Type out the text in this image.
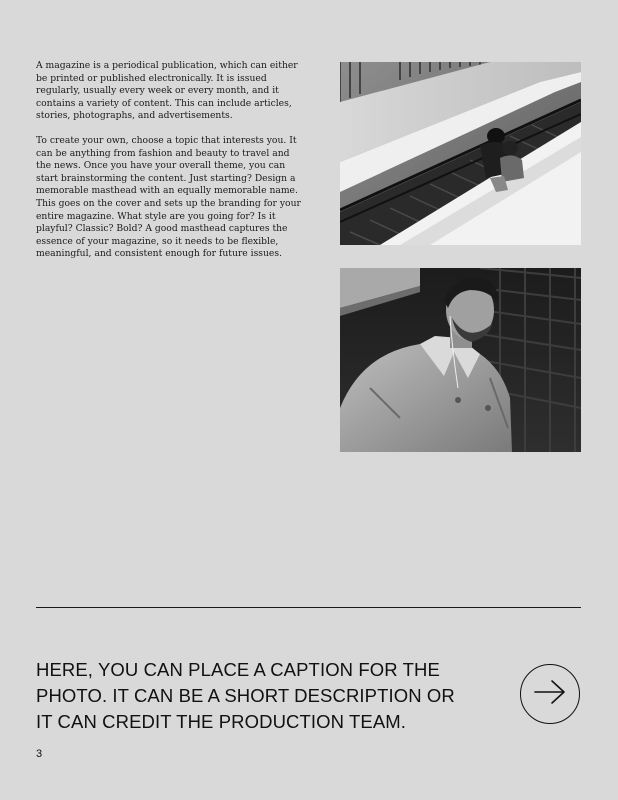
A magazine is a periodical publication, which can either be printed or published electronically. It is issued regularly, usually every week or every month, and it contains a variety of content. This can include articles, stories, photographs, and advertisements.

To create your own, choose a topic that interests you. It can be anything from fashion and beauty to travel and the news. Once you have your overall theme, you can start brainstorming the content. Just starting? Design a memorable masthead with an equally memorable name. This goes on the cover and sets up the branding for your entire magazine. What style are you going for? Is it playful? Classic? Bold? A good masthead captures the essence of your magazine, so it needs to be flexible, meaningful, and consistent enough for future issues.

HERE, YOU CAN PLACE A CAPTION FOR THE PHOTO. IT CAN BE A SHORT DESCRIPTION OR IT CAN CREDIT THE PRODUCTION TEAM.
3
